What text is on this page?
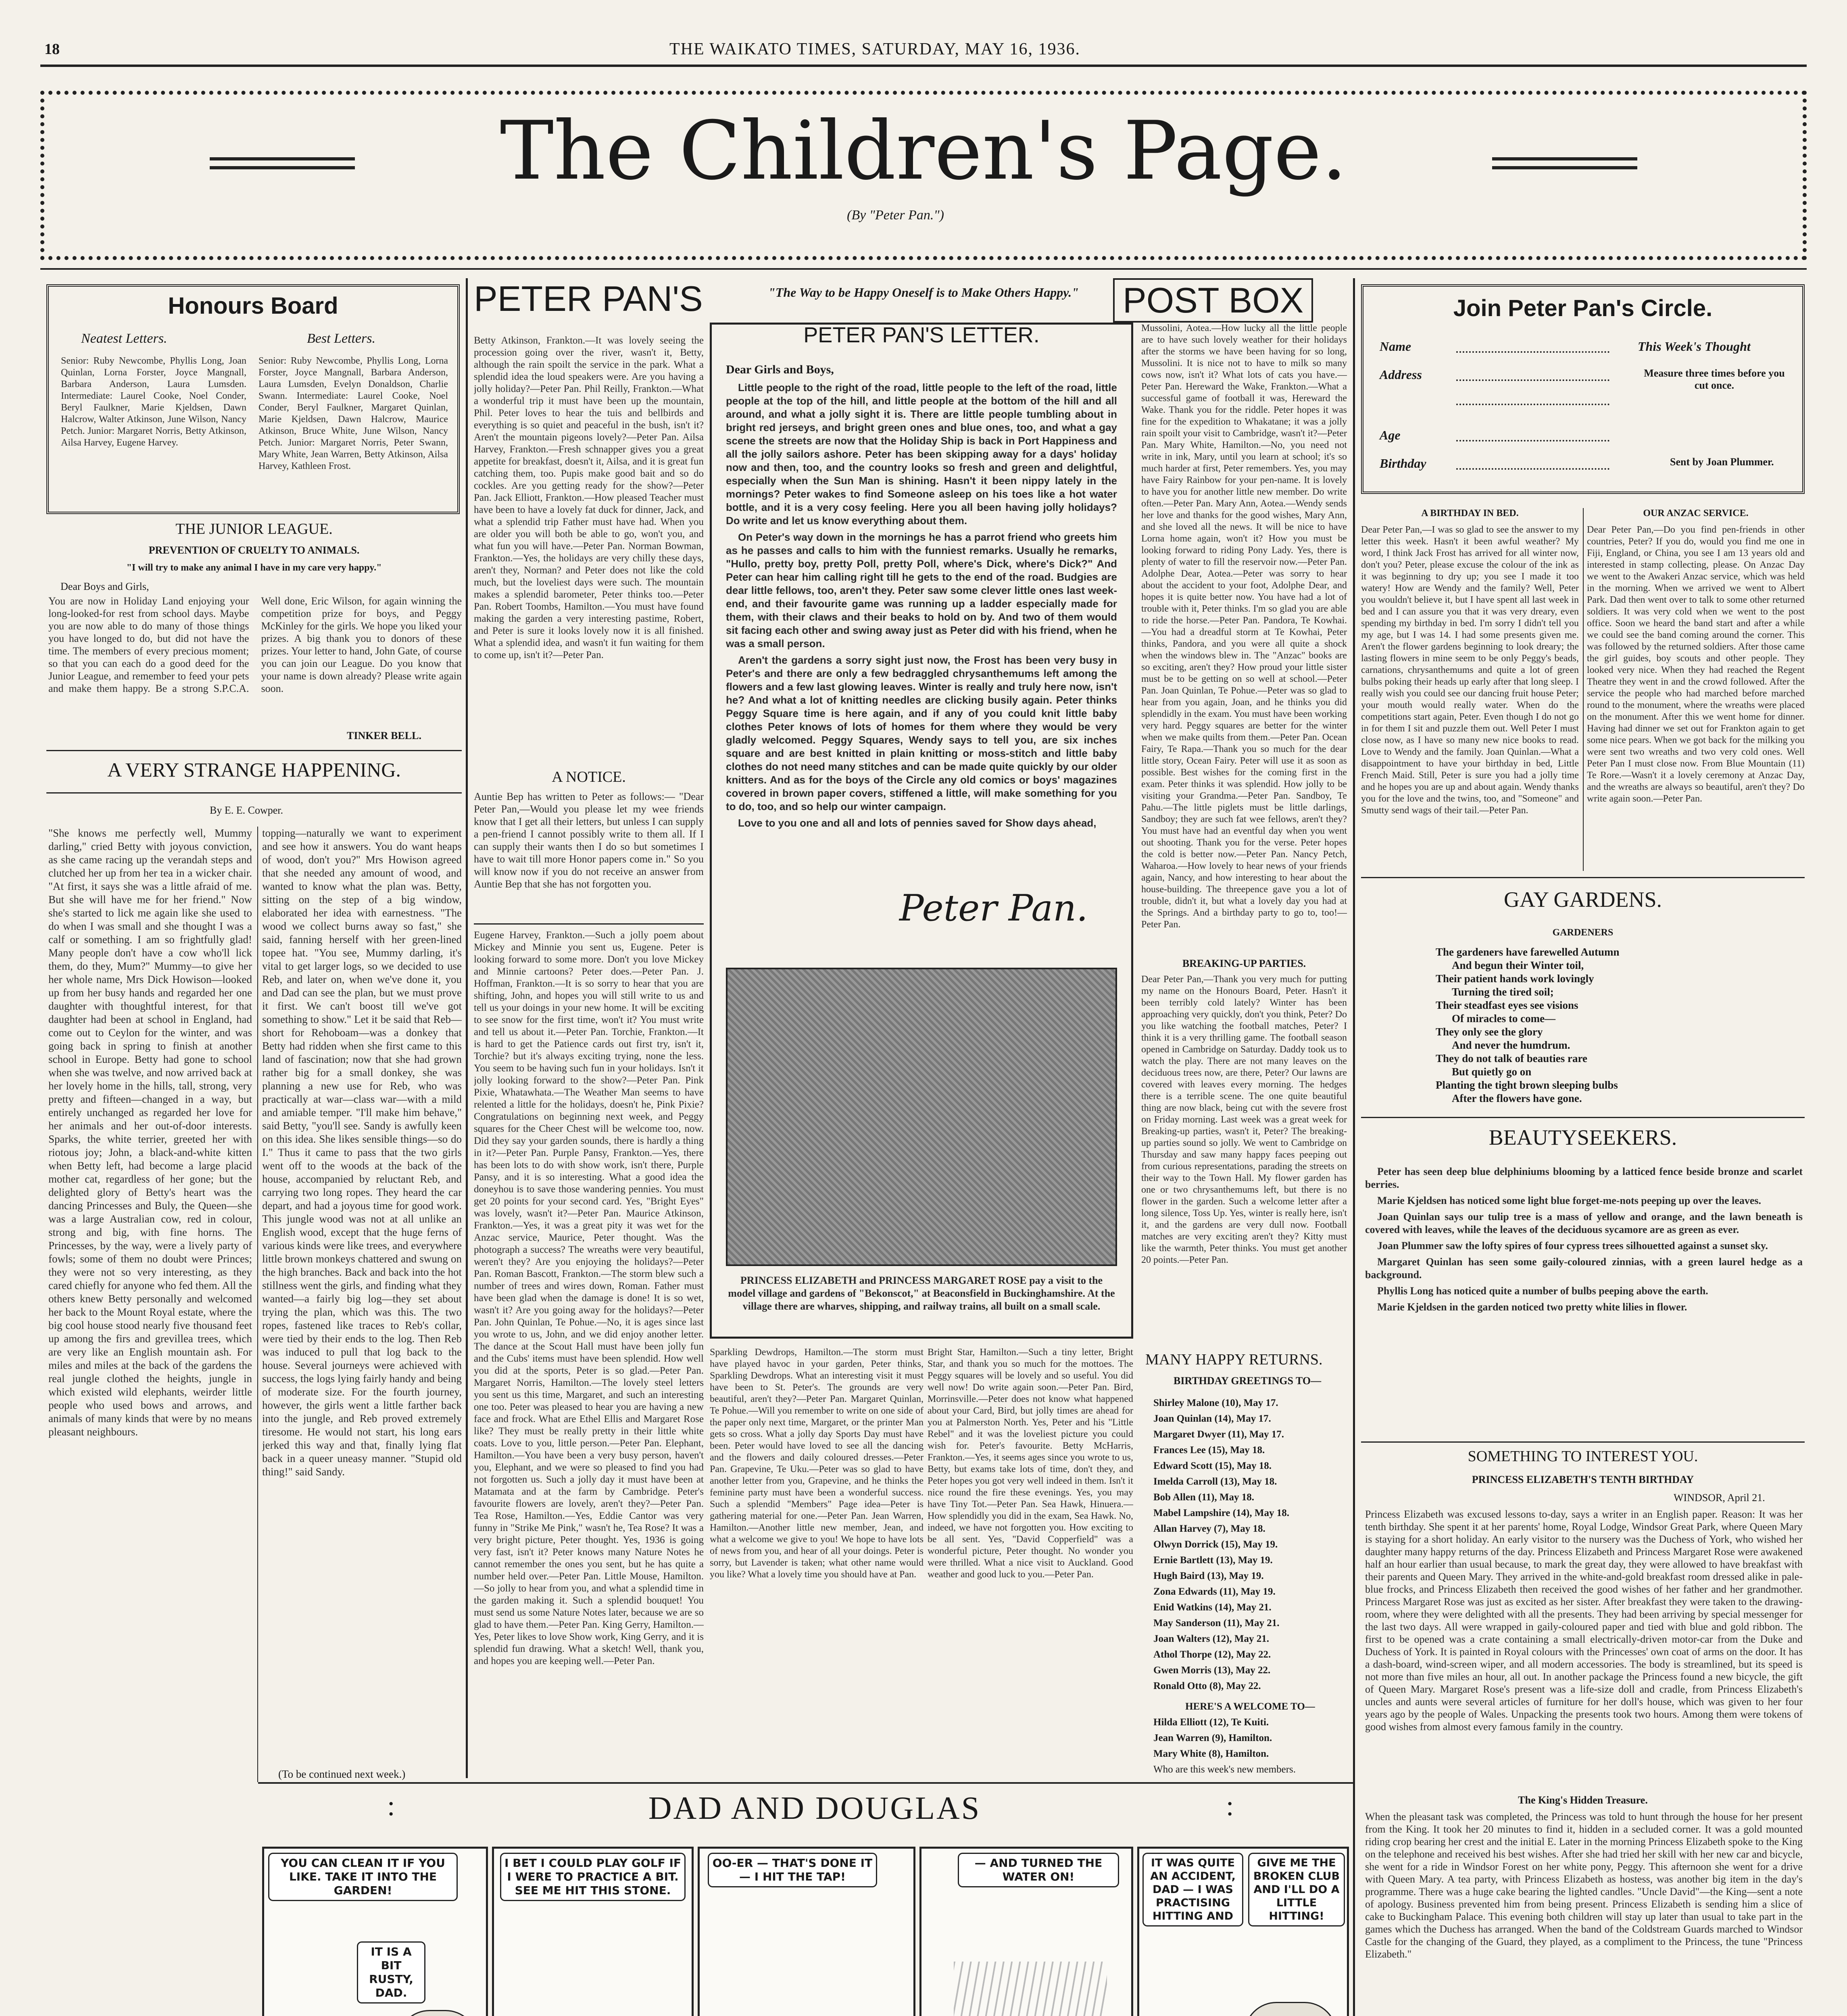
18	THE WAIKATO TIMES, SATURDAY, MAY 16, 1936.
The Children's Page.
(By "Peter Pan.")
Honours Board
Neatest Letters.	Best Letters.
Senior: Ruby Newcombe, Phyllis Long, Joan Quinlan, Lorna Forster, Joyce Mangnall, Barbara Anderson, Laura Lumsden. Intermediate: Laurel Cooke, Noel Conder, Beryl Faulkner, Marie Kjeldsen, Dawn Halcrow, Walter Atkinson, June Wilson, Nancy Petch. Junior: Margaret Norris, Betty Atkinson, Ailsa Harvey, Eugene Harvey.
Senior: Ruby Newcombe, Phyllis Long, Lorna Forster, Joyce Mangnall, Barbara Anderson, Laura Lumsden, Evelyn Donaldson, Charlie Swann. Intermediate: Laurel Cooke, Noel Conder, Beryl Faulkner, Margaret Quinlan, Marie Kjeldsen, Dawn Halcrow, Maurice Atkinson, Bruce White, June Wilson, Nancy Petch. Junior: Margaret Norris, Peter Swann, Mary White, Jean Warren, Betty Atkinson, Ailsa Harvey, Kathleen Frost.
THE JUNIOR LEAGUE.
PREVENTION OF CRUELTY TO ANIMALS.
"I will try to make any animal I have in my care very happy."
Dear Boys and Girls,
You are now in Holiday Land enjoying your long-looked-for rest from school days. Maybe you are now able to do many of those things you have longed to do, but did not have the time. The members of every precious moment; so that you can each do a good deed for the Junior League, and remember to feed your pets and make them happy. Be a strong S.P.C.A. Well done, Eric Wilson, for again winning the competition prize for boys, and Peggy McKinley for the girls. We hope you liked your prizes. A big thank you to donors of these prizes. Your letter to hand, John Gate, of course you can join our League. Do you know that your name is down already? Please write again soon.
TINKER BELL.
A VERY STRANGE HAPPENING.
By E. E. Cowper.
"She knows me perfectly well, Mummy darling," cried Betty with joyous conviction, as she came racing up the verandah steps and clutched her up from her tea in a wicker chair. "At first, it says she was a little afraid of me. But she will have me for her friend." Now she's started to lick me again like she used to do when I was small and she thought I was a calf or something. I am so frightfully glad! Many people don't have a cow who'll lick them, do they, Mum?" Mummy—to give her her whole name, Mrs Dick Howison—looked up from her busy hands and regarded her one daughter with thoughtful interest, for that daughter had been at school in England, had come out to Ceylon for the winter, and was going back in spring to finish at another school in Europe. Betty had gone to school when she was twelve, and now arrived back at her lovely home in the hills, tall, strong, very pretty and fifteen—changed in a way, but entirely unchanged as regarded her love for her animals and her out-of-door interests. Sparks, the white terrier, greeted her with riotous joy; John, a black-and-white kitten when Betty left, had become a large placid mother cat, regardless of her gone; but the delighted glory of Betty's heart was the dancing Princesses and Buly, the Queen—she was a large Australian cow, red in colour, strong and big, with fine horns. The Princesses, by the way, were a lively party of fowls; some of them no doubt were Princes; they were not so very interesting, as they cared chiefly for anyone who fed them. All the others knew Betty personally and welcomed her back to the Mount Royal estate, where the big cool house stood nearly five thousand feet up among the firs and grevillea trees, which are very like an English mountain ash. For miles and miles at the back of the gardens the real jungle clothed the heights, jungle in which existed wild elephants, weirder little people who used bows and arrows, and animals of many kinds that were by no means pleasant neighbours.
topping—naturally we want to experiment and see how it answers. You do want heaps of wood, don't you?" Mrs Howison agreed that she needed any amount of wood, and wanted to know what the plan was. Betty, sitting on the step of a big window, elaborated her idea with earnestness. "The wood we collect burns away so fast," she said, fanning herself with her green-lined topee hat. "You see, Mummy darling, it's vital to get larger logs, so we decided to use Reb, and later on, when we've done it, you and Dad can see the plan, but we must prove it first. We can't boost till we've got something to show." Let it be said that Reb—short for Rehoboam—was a donkey that Betty had ridden when she first came to this land of fascination; now that she had grown rather big for a small donkey, she was planning a new use for Reb, who was practically at war—class war—with a mild and amiable temper. "I'll make him behave," said Betty, "you'll see. Sandy is awfully keen on this idea. She likes sensible things—so do I." Thus it came to pass that the two girls went off to the woods at the back of the house, accompanied by reluctant Reb, and carrying two long ropes. They heard the car depart, and had a joyous time for good work. This jungle wood was not at all unlike an English wood, except that the huge ferns of various kinds were like trees, and everywhere little brown monkeys chattered and swung on the high branches. Back and back into the hot stillness went the girls, and finding what they wanted—a fairly big log—they set about trying the plan, which was this. The two ropes, fastened like traces to Reb's collar, were tied by their ends to the log. Then Reb was induced to pull that log back to the house. Several journeys were achieved with success, the logs lying fairly handy and being of moderate size. For the fourth journey, however, the girls went a little farther back into the jungle, and Reb proved extremely tiresome. He would not start, his long ears jerked this way and that, finally lying flat back in a queer uneasy manner. "Stupid old thing!" said Sandy.
(To be continued next week.)
PETER PAN'S	"The Way to be Happy Oneself is to Make Others Happy." POST BOX
Betty Atkinson, Frankton.—It was lovely seeing the procession going over the river, wasn't it, Betty, although the rain spoilt the service in the park. What a splendid idea the loud speakers were. Are you having a jolly holiday?—Peter Pan. Phil Reilly, Frankton.—What a wonderful trip it must have been up the mountain, Phil. Peter loves to hear the tuis and bellbirds and everything is so quiet and peaceful in the bush, isn't it? Aren't the mountain pigeons lovely?—Peter Pan. Ailsa Harvey, Frankton.—Fresh schnapper gives you a great appetite for breakfast, doesn't it, Ailsa, and it is great fun catching them, too. Pupis make good bait and so do cockles. Are you getting ready for the show?—Peter Pan. Jack Elliott, Frankton.—How pleased Teacher must have been to have a lovely fat duck for dinner, Jack, and what a splendid trip Father must have had. When you are older you will both be able to go, won't you, and what fun you will have.—Peter Pan. Norman Bowman, Frankton.—Yes, the holidays are very chilly these days, aren't they, Norman? and Peter does not like the cold much, but the loveliest days were such. The mountain makes a splendid barometer, Peter thinks too.—Peter Pan. Robert Toombs, Hamilton.—You must have found making the garden a very interesting pastime, Robert, and Peter is sure it looks lovely now it is all finished. What a splendid idea, and wasn't it fun waiting for them to come up, isn't it?—Peter Pan.
A NOTICE.
Auntie Bep has written to Peter as follows:— "Dear Peter Pan,—Would you please let my wee friends know that I get all their letters, but unless I can supply a pen-friend I cannot possibly write to them all. If I can supply their wants then I do so but sometimes I have to wait till more Honor papers come in." So you will know now if you do not receive an answer from Auntie Bep that she has not forgotten you.
Eugene Harvey, Frankton.—Such a jolly poem about Mickey and Minnie you sent us, Eugene. Peter is looking forward to some more. Don't you love Mickey and Minnie cartoons? Peter does.—Peter Pan. J. Hoffman, Frankton.—It is so sorry to hear that you are shifting, John, and hopes you will still write to us and tell us your doings in your new home. It will be exciting to see snow for the first time, won't it? You must write and tell us about it.—Peter Pan. Torchie, Frankton.—It is hard to get the Patience cards out first try, isn't it, Torchie? but it's always exciting trying, none the less. You seem to be having such fun in your holidays. Isn't it jolly looking forward to the show?—Peter Pan. Pink Pixie, Whatawhata.—The Weather Man seems to have relented a little for the holidays, doesn't he, Pink Pixie? Congratulations on beginning next week, and Peggy squares for the Cheer Chest will be welcome too, now. Did they say your garden sounds, there is hardly a thing in it?—Peter Pan. Purple Pansy, Frankton.—Yes, there has been lots to do with show work, isn't there, Purple Pansy, and it is so interesting. What a good idea the doneyhou is to save those wandering pennies. You must get 20 points for your second card. Yes, "Bright Eyes" was lovely, wasn't it?—Peter Pan. Maurice Atkinson, Frankton.—Yes, it was a great pity it was wet for the Anzac service, Maurice, Peter thought. Was the photograph a success? The wreaths were very beautiful, weren't they? Are you enjoying the holidays?—Peter Pan. Roman Bascott, Frankton.—The storm blew such a number of trees and wires down, Roman. Father must have been glad when the damage is done! It is so wet, wasn't it? Are you going away for the holidays?—Peter Pan. John Quinlan, Te Pohue.—No, it is ages since last you wrote to us, John, and we did enjoy another letter. The dance at the Scout Hall must have been jolly fun and the Cubs' items must have been splendid. How well you did at the sports, Peter is so glad.—Peter Pan. Margaret Norris, Hamilton.—The lovely steel letters you sent us this time, Margaret, and such an interesting one too. Peter was pleased to hear you are having a new face and frock. What are Ethel Ellis and Margaret Rose like? They must be really pretty in their little white coats. Love to you, little person.—Peter Pan. Elephant, Hamilton.—You have been a very busy person, haven't you, Elephant, and we were so pleased to find you had not forgotten us. Such a jolly day it must have been at Matamata and at the farm by Cambridge. Peter's favourite flowers are lovely, aren't they?—Peter Pan. Tea Rose, Hamilton.—Yes, Eddie Cantor was very funny in "Strike Me Pink," wasn't he, Tea Rose? It was a very bright picture, Peter thought. Yes, 1936 is going very fast, isn't it? Peter knows many Nature Notes he cannot remember the ones you sent, but he has quite a number held over.—Peter Pan. Little Mouse, Hamilton.—So jolly to hear from you, and what a splendid time in the garden making it. Such a splendid bouquet! You must send us some Nature Notes later, because we are so glad to have them.—Peter Pan. King Gerry, Hamilton.—Yes, Peter likes to love Show work, King Gerry, and it is splendid fun drawing. What a sketch! Well, thank you, and hopes you are keeping well.—Peter Pan.
PETER PAN'S LETTER.
Dear Girls and Boys,

Little people to the right of the road, little people to the left of the road, little people at the top of the hill, and little people at the bottom of the hill and all around, and what a jolly sight it is. There are little people tumbling about in bright red jerseys, and bright green ones and blue ones, too, and what a gay scene the streets are now that the Holiday Ship is back in Port Happiness and all the jolly sailors ashore. Peter has been skipping away for a days' holiday now and then, too, and the country looks so fresh and green and delightful, especially when the Sun Man is shining. Hasn't it been nippy lately in the mornings? Peter wakes to find Someone asleep on his toes like a hot water bottle, and it is a very cosy feeling. Here you all been having jolly holidays? Do write and let us know everything about them.

On Peter's way down in the mornings he has a parrot friend who greets him as he passes and calls to him with the funniest remarks. Usually he remarks, "Hullo, pretty boy, pretty Poll, pretty Poll, where's Dick, where's Dick?" And Peter can hear him calling right till he gets to the end of the road. Budgies are dear little fellows, too, aren't they. Peter saw some clever little ones last week-end, and their favourite game was running up a ladder especially made for them, with their claws and their beaks to hold on by. And two of them would sit facing each other and swing away just as Peter did with his friend, when he was a small person.

Aren't the gardens a sorry sight just now, the Frost has been very busy in Peter's and there are only a few bedraggled chrysanthemums left among the flowers and a few last glowing leaves. Winter is really and truly here now, isn't he? And what a lot of knitting needles are clicking busily again. Peter thinks Peggy Square time is here again, and if any of you could knit little baby clothes Peter knows of lots of homes for them where they would be very gladly welcomed. Peggy Squares, Wendy says to tell you, are six inches square and are best knitted in plain knitting or moss-stitch and little baby clothes do not need many stitches and can be made quite quickly by our older knitters. And as for the boys of the Circle any old comics or boys' magazines covered in brown paper covers, stiffened a little, will make something for you to do, too, and so help our winter campaign.

Love to you one and all and lots of pennies saved for Show days ahead,

Peter Pan.
PRINCESS ELIZABETH and PRINCESS MARGARET ROSE pay a visit to the model village and gardens of "Bekonscot," at Beaconsfield in Buckinghamshire. At the village there are wharves, shipping, and railway trains, all built on a small scale.
Mussolini, Aotea.—How lucky all the little people are to have such lovely weather for their holidays after the storms we have been having for so long, Mussolini. It is nice not to have to milk so many cows now, isn't it? What lots of cats you have.—Peter Pan. Hereward the Wake, Frankton.—What a successful game of football it was, Hereward the Wake. Thank you for the riddle. Peter hopes it was fine for the expedition to Whakatane; it was a jolly rain spoilt your visit to Cambridge, wasn't it?—Peter Pan. Mary White, Hamilton.—No, you need not write in ink, Mary, until you learn at school; it's so much harder at first, Peter remembers. Yes, you may have Fairy Rainbow for your pen-name. It is lovely to have you for another little new member. Do write often.—Peter Pan. Mary Ann, Aotea.—Wendy sends her love and thanks for the good wishes, Mary Ann, and she loved all the news. It will be nice to have Lorna home again, won't it? How you must be looking forward to riding Pony Lady. Yes, there is plenty of water to fill the reservoir now.—Peter Pan. Adolphe Dear, Aotea.—Peter was sorry to hear about the accident to your foot, Adolphe Dear, and hopes it is quite better now. You have had a lot of trouble with it, Peter thinks. I'm so glad you are able to ride the horse.—Peter Pan. Pandora, Te Kowhai.—You had a dreadful storm at Te Kowhai, Peter thinks, Pandora, and you were all quite a shock when the windows blew in. The "Anzac" books are so exciting, aren't they? How proud your little sister must be to be getting on so well at school.—Peter Pan. Joan Quinlan, Te Pohue.—Peter was so glad to hear from you again, Joan, and he thinks you did splendidly in the exam. You must have been working very hard. Peggy squares are better for the winter when we make quilts from them.—Peter Pan. Ocean Fairy, Te Rapa.—Thank you so much for the dear little story, Ocean Fairy. Peter will use it as soon as possible. Best wishes for the coming first in the exam. Peter thinks it was splendid. How jolly to be visiting your Grandma.—Peter Pan. Sandboy, Te Pahu.—The little piglets must be little darlings, Sandboy; they are such fat wee fellows, aren't they? You must have had an eventful day when you went out shooting. Thank you for the verse. Peter hopes the cold is better now.—Peter Pan. Nancy Petch, Waharoa.—How lovely to hear news of your friends again, Nancy, and how interesting to hear about the house-building. The threepence gave you a lot of trouble, didn't it, but what a lovely day you had at the Springs. And a birthday party to go to, too!—Peter Pan.
BREAKING-UP PARTIES.
Dear Peter Pan,—Thank you very much for putting my name on the Honours Board, Peter. Hasn't it been terribly cold lately? Winter has been approaching very quickly, don't you think, Peter? Do you like watching the football matches, Peter? I think it is a very thrilling game. The football season opened in Cambridge on Saturday. Daddy took us to watch the play. There are not many leaves on the deciduous trees now, are there, Peter? Our lawns are covered with leaves every morning. The hedges there is a terrible scene. The one quite beautiful thing are now black, being cut with the severe frost on Friday morning. Last week was a great week for Breaking-up parties, wasn't it, Peter? The breaking-up parties sound so jolly. We went to Cambridge on Thursday and saw many happy faces peeping out from curious representations, parading the streets on their way to the Town Hall. My flower garden has one or two chrysanthemums left, but there is no flower in the garden. Such a welcome letter after a long silence, Toss Up. Yes, winter is really here, isn't it, and the gardens are very dull now. Football matches are very exciting aren't they? Kitty must like the warmth, Peter thinks. You must get another 20 points.—Peter Pan.
Sparkling Dewdrops, Hamilton.—The storm must have played havoc in your garden, Peter thinks, Sparkling Dewdrops. What an interesting visit it must have been to St. Peter's. The grounds are very beautiful, aren't they?—Peter Pan. Margaret Quinlan, Te Pohue.—Will you remember to write on one side of the paper only next time, Margaret, or the printer Man gets so cross. What a jolly day Sports Day must have been. Peter would have loved to see all the dancing and the flowers and daily coloured dresses.—Peter Pan. Grapevine, Te Uku.—Peter was so glad to have another letter from you, Grapevine, and he thinks the feminine party must have been a wonderful success. Such a splendid "Members" Page idea—Peter is gathering material for one.—Peter Pan. Jean Warren, Hamilton.—Another little new member, Jean, and what a welcome we give to you! We hope to have lots of news from you, and hear of all your doings. Peter is sorry, but Lavender is taken; what other name would you like? What a lovely time you should have at Pan.
Bright Star, Hamilton.—Such a tiny letter, Bright Star, and thank you so much for the mottoes. The Peggy squares will be lovely and so useful. You did well now! Do write again soon.—Peter Pan. Bird, Morrinsville.—Peter does not know what happened about your Card, Bird, but jolly times are ahead for you at Palmerston North. Yes, Peter and his "Little Rebel" and it was the loveliest picture you could wish for. Peter's favourite. Betty McHarris, Frankton.—Yes, it seems ages since you wrote to us, Betty, but exams take lots of time, don't they, and Peter hopes you got very well indeed in them. Isn't it nice round the fire these evenings. Yes, you may have Tiny Tot.—Peter Pan. Sea Hawk, Hinuera.—How splendidly you did in the exam, Sea Hawk. No, indeed, we have not forgotten you. How exciting to be all sent. Yes, "David Copperfield" was a wonderful picture, Peter thought. No wonder you were thrilled. What a nice visit to Auckland. Good weather and good luck to you.—Peter Pan.
MANY HAPPY RETURNS.
BIRTHDAY GREETINGS TO—
Shirley Malone (10), May 17.
Joan Quinlan (14), May 17.
Margaret Dwyer (11), May 17.
Frances Lee (15), May 18.
Edward Scott (15), May 18.
Imelda Carroll (13), May 18.
Bob Allen (11), May 18.
Mabel Lampshire (14), May 18.
Allan Harvey (7), May 18.
Olwyn Dorrick (15), May 19.
Ernie Bartlett (13), May 19.
Hugh Baird (13), May 19.
Zona Edwards (11), May 19.
Enid Watkins (14), May 21.
May Sanderson (11), May 21.
Joan Walters (12), May 21.
Athol Thorpe (12), May 22.
Gwen Morris (13), May 22.
Ronald Otto (8), May 22.
HERE'S A WELCOME TO—
Hilda Elliott (12), Te Kuiti.
Jean Warren (9), Hamilton.
Mary White (8), Hamilton.
Who are this week's new members.
Join Peter Pan's Circle.
Name
Address
Age
Birthday
This Week's Thought
Measure three times before you cut once.
Sent by Joan Plummer.
A BIRTHDAY IN BED.
Dear Peter Pan,—I was so glad to see the answer to my letter this week. Hasn't it been awful weather? My word, I think Jack Frost has arrived for all winter now, don't you? Peter, please excuse the colour of the ink as it was beginning to dry up; you see I made it too watery! How are Wendy and the family? Well, Peter you wouldn't believe it, but I have spent all last week in bed and I can assure you that it was very dreary, even spending my birthday in bed. I'm sorry I didn't tell you my age, but I was 14. I had some presents given me. Aren't the flower gardens beginning to look dreary; the lasting flowers in mine seem to be only Peggy's beads, carnations, chrysanthemums and quite a lot of green bulbs poking their heads up early after that long sleep. I really wish you could see our dancing fruit house Peter; your mouth would really water. When do the competitions start again, Peter. Even though I do not go in for them I sit and puzzle them out. Well Peter I must close now, as I have so many new nice books to read. Love to Wendy and the family. Joan Quinlan.—What a disappointment to have your birthday in bed, Little French Maid. Still, Peter is sure you had a jolly time and he hopes you are up and about again. Wendy thanks you for the love and the twins, too, and "Someone" and Smutty send wags of their tail.—Peter Pan.
OUR ANZAC SERVICE.
Dear Peter Pan,—Do you find pen-friends in other countries, Peter? If you do, would you find me one in Fiji, England, or China, you see I am 13 years old and interested in stamp collecting, please. On Anzac Day we went to the Awakeri Anzac service, which was held in the morning. When we arrived we went to Albert Park. Dad then went over to talk to some other returned soldiers. It was very cold when we went to the post office. Soon we heard the band start and after a while we could see the band coming around the corner. This was followed by the returned soldiers. After those came the girl guides, boy scouts and other people. They looked very nice. When they had reached the Regent Theatre they went in and the crowd followed. After the service the people who had marched before marched round to the monument, where the wreaths were placed on the monument. After this we went home for dinner. Having had dinner we set out for Frankton again to get some nice pears. When we got back for the milking you were sent two wreaths and two very cold ones. Well Peter Pan I must close now. From Blue Mountain (11) Te Rore.—Wasn't it a lovely ceremony at Anzac Day, and the wreaths are always so beautiful, aren't they? Do write again soon.—Peter Pan.
GAY GARDENS.
GARDENERS
The gardeners have farewelled Autumn
And begun their Winter toil,
Their patient hands work lovingly
Turning the tired soil;
Their steadfast eyes see visions
Of miracles to come—
They only see the glory
And never the humdrum.
They do not talk of beauties rare
But quietly go on
Planting the tight brown sleeping bulbs
After the flowers have gone.
BEAUTYSEEKERS.

Peter has seen deep blue delphiniums blooming by a latticed fence beside bronze and scarlet berries.

Marie Kjeldsen has noticed some light blue forget-me-nots peeping up over the leaves.

Joan Quinlan says our tulip tree is a mass of yellow and orange, and the lawn beneath is covered with leaves, while the leaves of the deciduous sycamore are as green as ever.

Joan Plummer saw the lofty spires of four cypress trees silhouetted against a sunset sky.

Margaret Quinlan has seen some gaily-coloured zinnias, with a green laurel hedge as a background.

Phyllis Long has noticed quite a number of bulbs peeping above the earth.

Marie Kjeldsen in the garden noticed two pretty white lilies in flower.

SOMETHING TO INTEREST YOU.
PRINCESS ELIZABETH'S TENTH BIRTHDAY
WINDSOR, April 21.
Princess Elizabeth was excused lessons to-day, says a writer in an English paper. Reason: It was her tenth birthday. She spent it at her parents' home, Royal Lodge, Windsor Great Park, where Queen Mary is staying for a short holiday. An early visitor to the nursery was the Duchess of York, who wished her daughter many happy returns of the day. Princess Elizabeth and Princess Margaret Rose were awakened half an hour earlier than usual because, to mark the great day, they were allowed to have breakfast with their parents and Queen Mary. They arrived in the white-and-gold breakfast room dressed alike in pale-blue frocks, and Princess Elizabeth then received the good wishes of her father and her grandmother. Princess Margaret Rose was just as excited as her sister. After breakfast they were taken to the drawing-room, where they were delighted with all the presents. They had been arriving by special messenger for the last two days. All were wrapped in gaily-coloured paper and tied with blue and gold ribbon. The first to be opened was a crate containing a small electrically-driven motor-car from the Duke and Duchess of York. It is painted in Royal colours with the Princesses' own coat of arms on the door. It has a dash-board, wind-screen wiper, and all modern accessories. The body is streamlined, but its speed is not more than five miles an hour, all out. In another package the Princess found a new bicycle, the gift of Queen Mary. Margaret Rose's present was a life-size doll and cradle, from Princess Elizabeth's uncles and aunts were several articles of furniture for her doll's house, which was given to her four years ago by the people of Wales. Unpacking the presents took two hours. Among them were tokens of good wishes from almost every famous family in the country.
The King's Hidden Treasure.
When the pleasant task was completed, the Princess was told to hunt through the house for her present from the King. It took her 20 minutes to find it, hidden in a secluded corner. It was a gold mounted riding crop bearing her crest and the initial E. Later in the morning Princess Elizabeth spoke to the King on the telephone and received his best wishes. After she had tried her skill with her new car and bicycle, she went for a ride in Windsor Forest on her white pony, Peggy. This afternoon she went for a drive with Queen Mary. A tea party, with Princess Elizabeth as hostess, was another big item in the day's programme. There was a huge cake bearing the lighted candles. "Uncle David"—the King—sent a note of apology. Business prevented him from being present. Princess Elizabeth is sending him a slice of cake to Buckingham Palace. This evening both children will stay up later than usual to take part in the games which the Duchess has arranged. When the band of the Coldstream Guards marched to Windsor Castle for the changing of the Guard, they played, as a compliment to the Princess, the tune "Princess Elizabeth."
DAD AND DOUGLAS
:	:
YOU CAN CLEAN IT IF YOU LIKE. TAKE IT INTO THE GARDEN!
IT IS A BIT RUSTY, DAD.
I BET I COULD PLAY GOLF IF I WERE TO PRACTICE A BIT. SEE ME HIT THIS STONE.
OO-ER — THAT'S DONE IT — I HIT THE TAP!
— AND TURNED THE WATER ON!
IT WAS QUITE AN ACCIDENT, DAD — I WAS PRACTISING HITTING AND
GIVE ME THE BROKEN CLUB AND I'LL DO A LITTLE HITTING!
